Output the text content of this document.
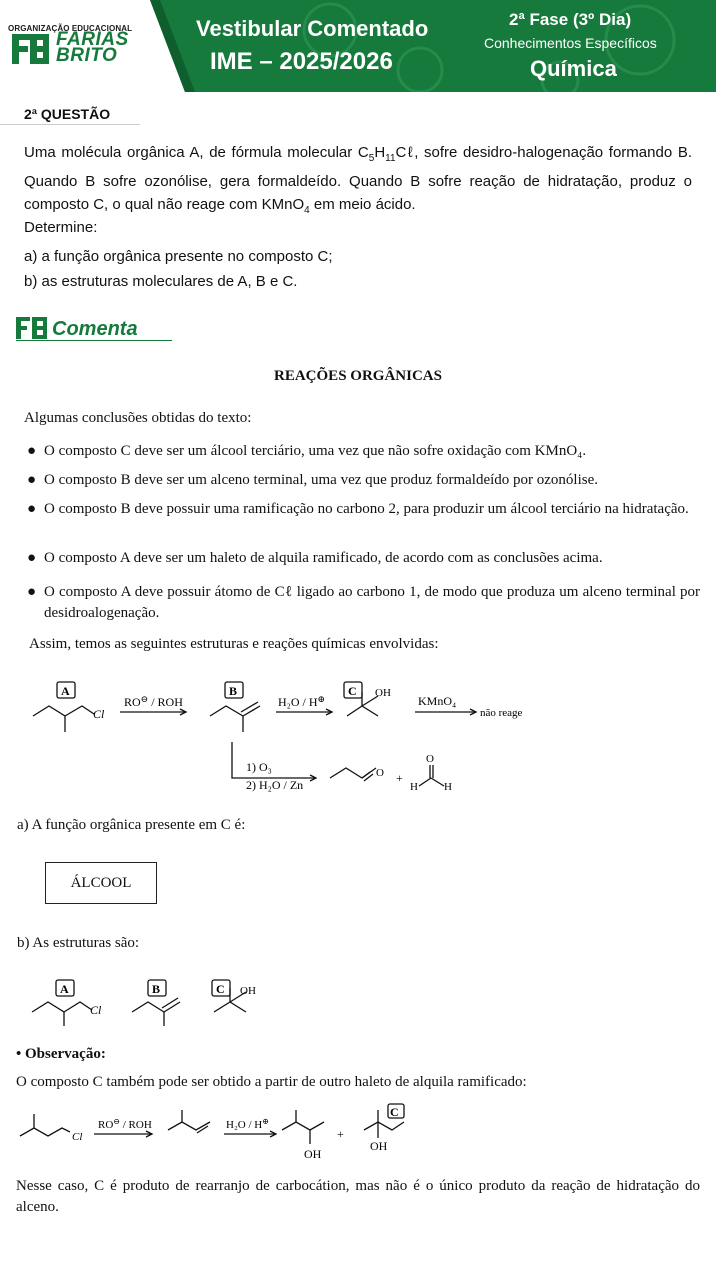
ORGANIZAÇÃO EDUCACIONAL
FARIAS
BRITO
Vestibular Comentado
IME – 2025/2026
2ª Fase (3º Dia)
Conhecimentos Específicos
Química
2ª QUESTÃO
Uma molécula orgânica A, de fórmula molecular $C_5H_{11}C\ell$, sofre desidro-halogenação formando B. Quando B sofre ozonólise, gera formaldeído. Quando B sofre reação de hidratação, produz o composto C, o qual não reage com KMnO$_4$ em meio ácido.
Determine:
a) a função orgânica presente no composto C;
b) as estruturas moleculares de A, B e C.
Comenta
REAÇÕES ORGÂNICAS
Algumas conclusões obtidas do texto:
● O composto C deve ser um álcool terciário, uma vez que não sofre oxidação com KMnO₄.
● O composto B deve ser um alceno terminal, uma vez que produz formaldeído por ozonólise.
● O composto B deve possuir uma ramificação no carbono 2, para produzir um álcool terciário na hidratação.
● O composto A deve ser um haleto de alquila ramificado, de acordo com as conclusões acima.
● O composto A deve possuir átomo de Cℓ ligado ao carbono 1, de modo que produza um alceno terminal por desidroalogenação.
Assim, temos as seguintes estruturas e reações químicas envolvidas:
A
Cl
RO⊖ / ROH
B
H₂O / H⊕
C OH
KMnO₄
não reage
1) O₃
2) H₂O / Zn
O +
O
H H
a) A função orgânica presente em C é:
ÁLCOOL
b) As estruturas são:
A
Cl
B	C OH
• Observação:
O composto C também pode ser obtido a partir de outro haleto de alquila ramificado:
Cl
RO⊖ / ROH	H₂O / H⊕
OH
+
C
OH
Nesse caso, C é produto de rearranjo de carbocátion, mas não é o único produto da reação de hidratação do alceno.
